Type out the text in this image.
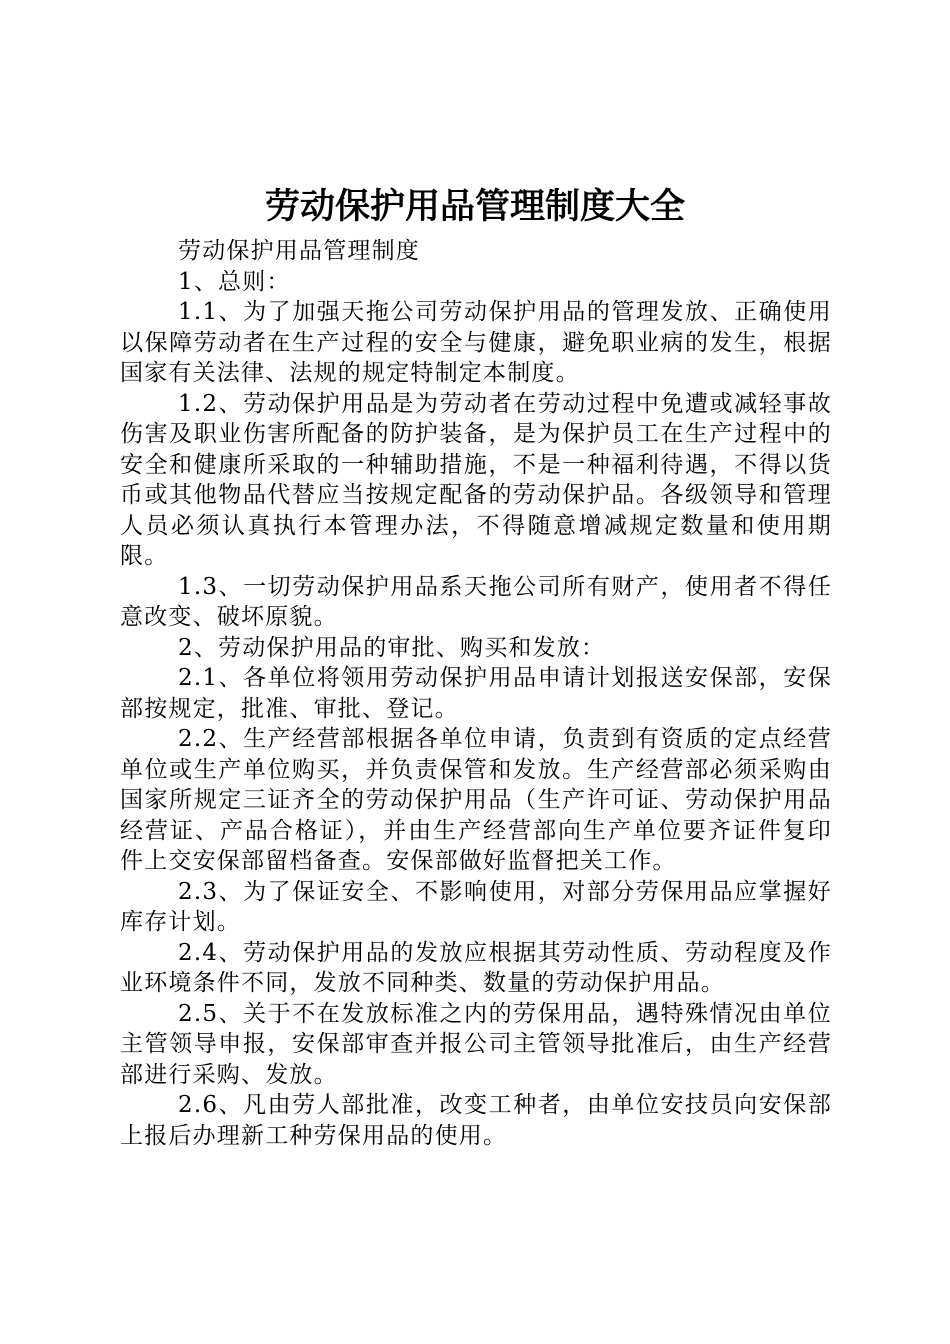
劳动保护用品管理制度大全

劳动保护用品管理制度

1、总则：

1.1、为了加强天拖公司劳动保护用品的管理发放、正确使用以保障劳动者在生产过程的安全与健康，避免职业病的发生，根据国家有关法律、法规的规定特制定本制度。

1.2、劳动保护用品是为劳动者在劳动过程中免遭或减轻事故伤害及职业伤害所配备的防护装备，是为保护员工在生产过程中的安全和健康所采取的一种辅助措施，不是一种福利待遇，不得以货币或其他物品代替应当按规定配备的劳动保护品。各级领导和管理人员必须认真执行本管理办法，不得随意增减规定数量和使用期限。

1.3、一切劳动保护用品系天拖公司所有财产，使用者不得任意改变、破坏原貌。

2、劳动保护用品的审批、购买和发放：

2.1、各单位将领用劳动保护用品申请计划报送安保部，安保部按规定，批准、审批、登记。

2.2、生产经营部根据各单位申请，负责到有资质的定点经营单位或生产单位购买，并负责保管和发放。生产经营部必须采购由国家所规定三证齐全的劳动保护用品（生产许可证、劳动保护用品经营证、产品合格证），并由生产经营部向生产单位要齐证件复印件上交安保部留档备查。安保部做好监督把关工作。

2.3、为了保证安全、不影响使用，对部分劳保用品应掌握好库存计划。

2.4、劳动保护用品的发放应根据其劳动性质、劳动程度及作业环境条件不同，发放不同种类、数量的劳动保护用品。

2.5、关于不在发放标准之内的劳保用品，遇特殊情况由单位主管领导申报，安保部审查并报公司主管领导批准后，由生产经营部进行采购、发放。

2.6、凡由劳人部批准，改变工种者，由单位安技员向安保部上报后办理新工种劳保用品的使用。
